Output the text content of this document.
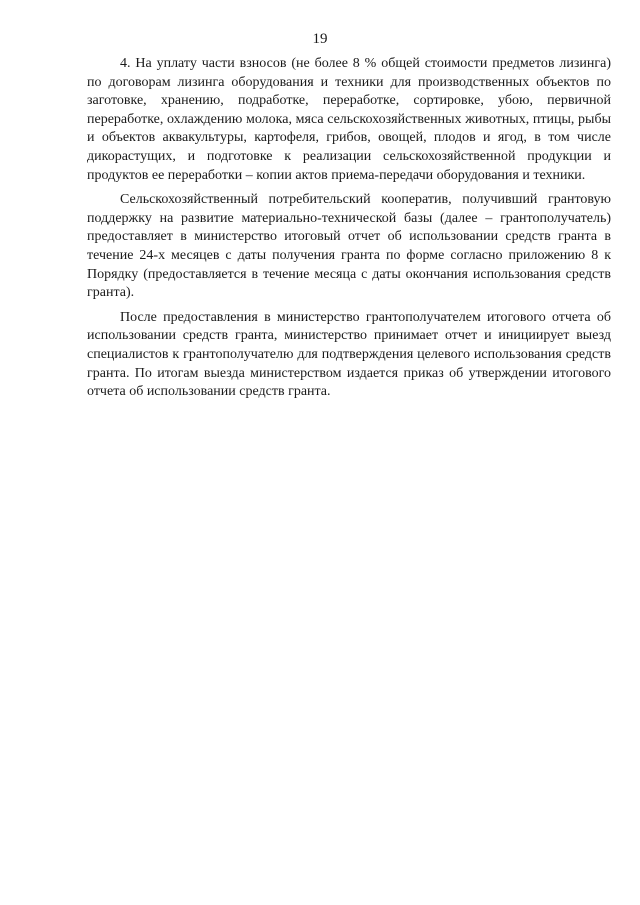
19

4. На уплату части взносов (не более 8 % общей стоимости предметов лизинга) по договорам лизинга оборудования и техники для производственных объектов по заготовке, хранению, подработке, переработке, сортировке, убою, первичной переработке, охлаждению молока, мяса сельскохозяйственных животных, птицы, рыбы и объектов аквакультуры, картофеля, грибов, овощей, плодов и ягод, в том числе дикорастущих, и подготовке к реализации сельскохозяйственной продукции и продуктов ее переработки – копии актов приема-передачи оборудования и техники.

Сельскохозяйственный потребительский кооператив, получивший грантовую поддержку на развитие материально-технической базы (далее – грантополучатель) предоставляет в министерство итоговый отчет об использовании средств гранта в течение 24-х месяцев с даты получения гранта по форме согласно приложению 8 к Порядку (предоставляется в течение месяца с даты окончания использования средств гранта).

После предоставления в министерство грантополучателем итогового отчета об использовании средств гранта, министерство принимает отчет и инициирует выезд специалистов к грантополучателю для подтверждения целевого использования средств гранта. По итогам выезда министерством издается приказ об утверждении итогового отчета об использовании средств гранта.
